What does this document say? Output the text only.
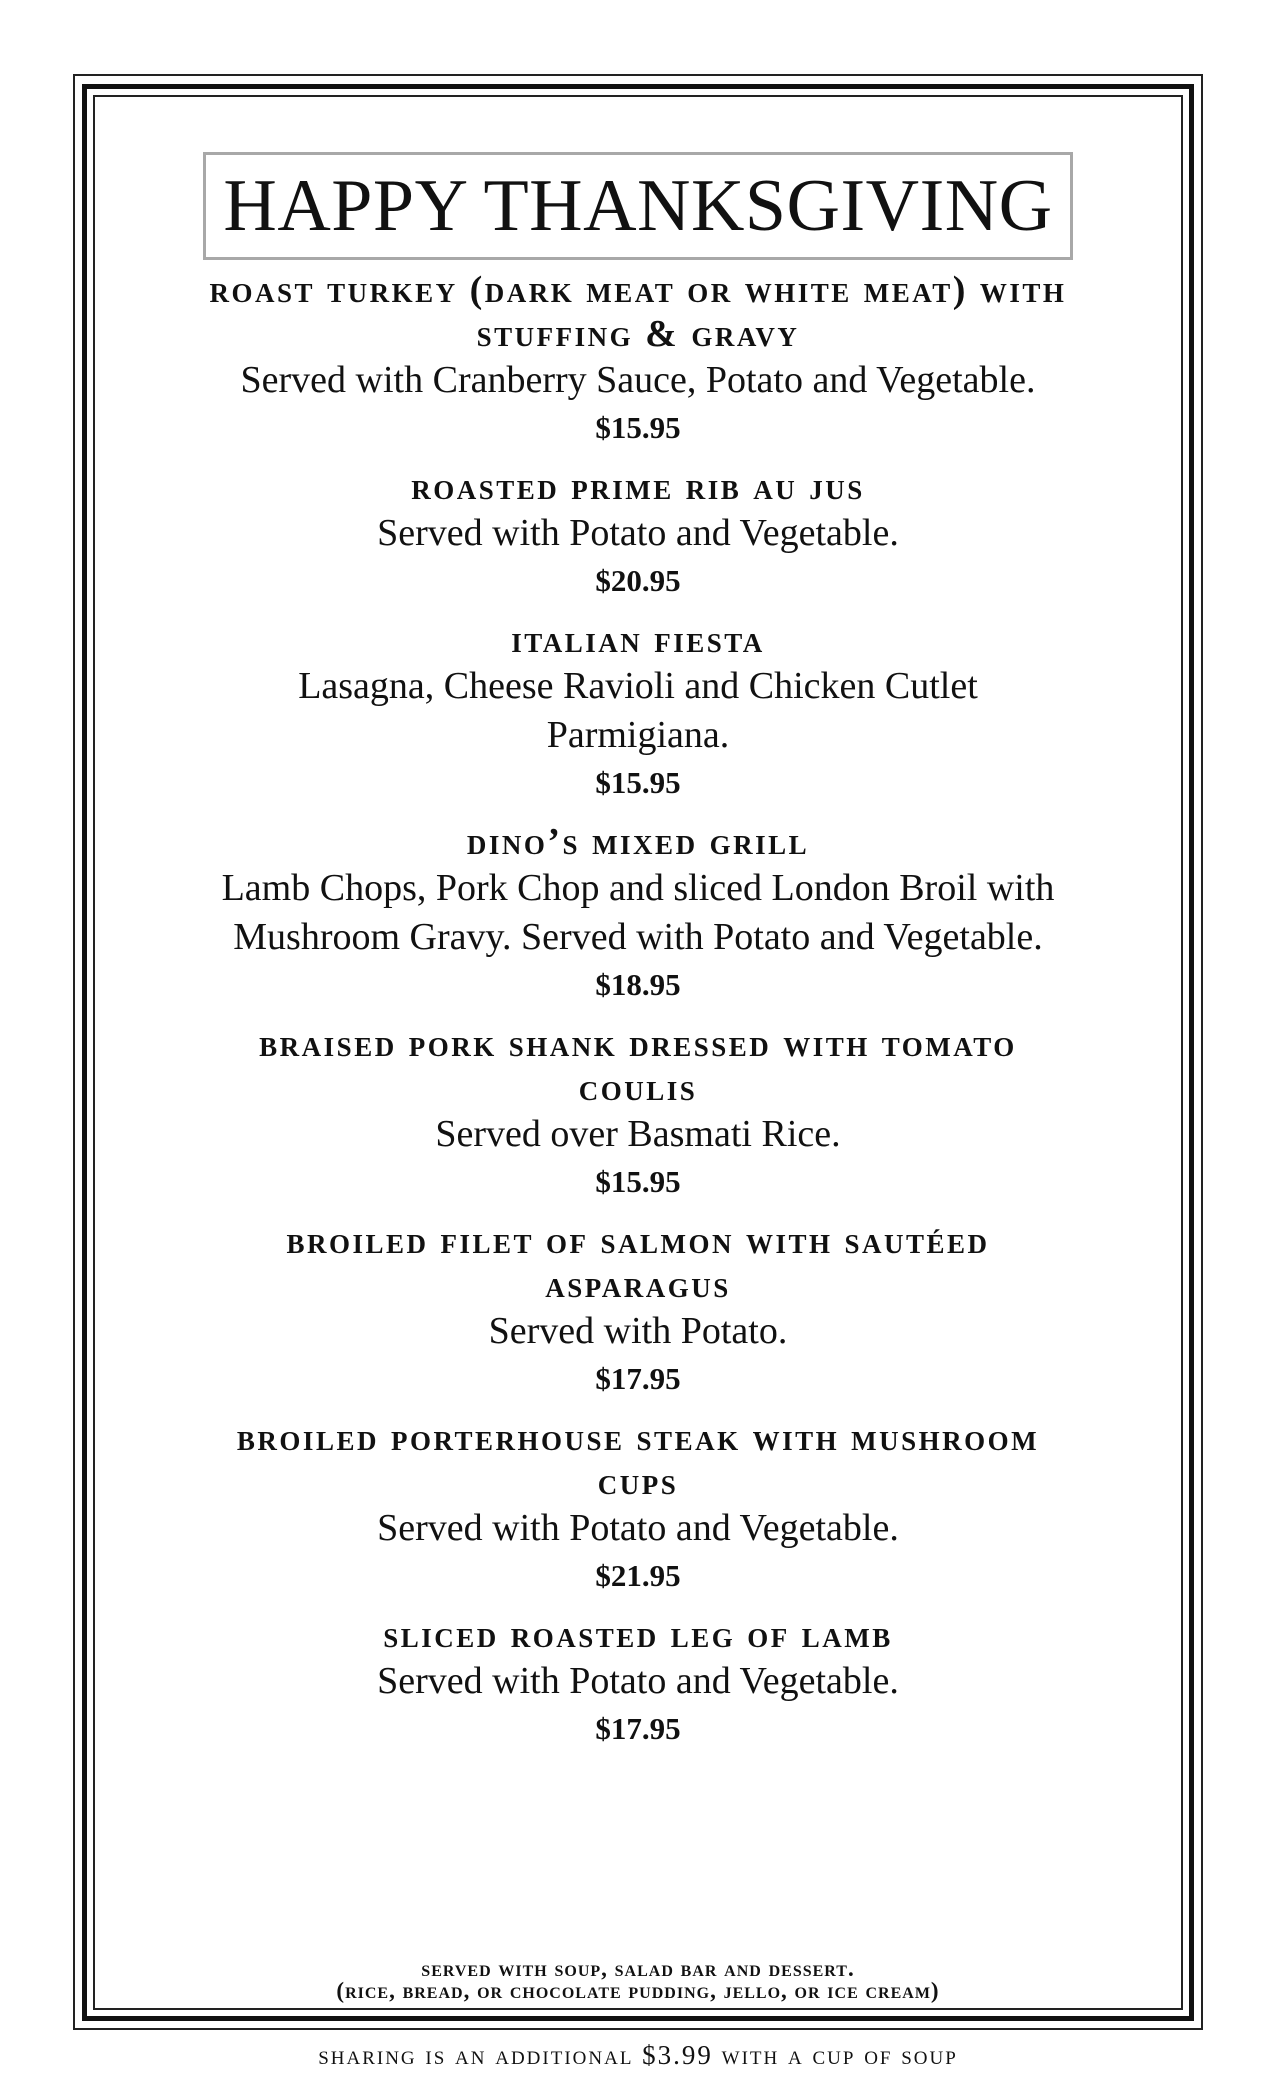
HAPPY THANKSGIVING
roast turkey (dark meat or white meat) with stuffing & gravy
Served with Cranberry Sauce, Potato and Vegetable.
$15.95
roasted prime rib au jus
Served with Potato and Vegetable.
$20.95
italian fiesta
Lasagna, Cheese Ravioli and Chicken Cutlet Parmigiana.
$15.95
dino’s mixed grill
Lamb Chops, Pork Chop and sliced London Broil with Mushroom Gravy. Served with Potato and Vegetable.
$18.95
braised pork shank dressed with tomato coulis
Served over Basmati Rice.
$15.95
broiled filet of salmon with sautéed asparagus
Served with Potato.
$17.95
broiled porterhouse steak with mushroom cups
Served with Potato and Vegetable.
$21.95
sliced roasted leg of lamb
Served with Potato and Vegetable.
$17.95
served with soup, salad bar and dessert.
(rice, bread, or chocolate pudding, jello, or ice cream)
sharing is an additional $3.99 with a cup of soup
